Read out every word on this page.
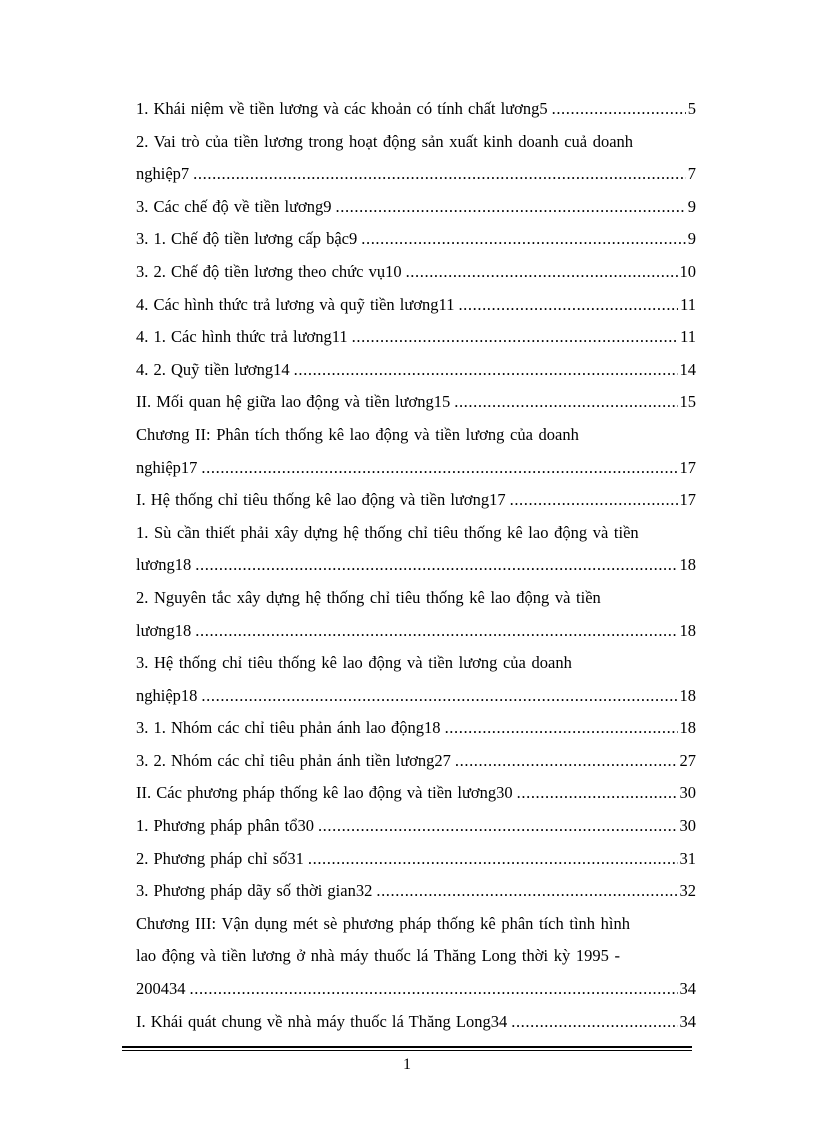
1. Khái niệm về tiền lương và các khoản có tính chất lương5 .....	5
2. Vai trò của tiền lương trong hoạt động sản xuất kinh doanh cuả doanh
nghiệp7 .....	7
3. Các chế độ về tiền lương9 .....	9
3. 1. Chế độ tiền lương cấp bậc9 .....	9
3. 2. Chế độ tiền lương theo chức vụ10 .....	10
4. Các hình thức trả lương và quỹ tiền lương11 .....	11
4. 1. Các hình thức trả lương11 .....	11
4. 2. Quỹ tiền lương14 .....	14
II. Mối quan hệ giữa lao động và tiền lương15 .....	15
Chương II: Phân tích thống kê lao động và tiền lương của doanh
nghiệp17 .....	17
I. Hệ thống chỉ tiêu thống kê lao động và tiền lương17 .....	17
1. Sù cần thiết phải xây dựng hệ thống chỉ tiêu thống kê lao động và tiền
lương18 .....	18
2. Nguyên tắc xây dựng hệ thống chỉ tiêu thống kê lao động và tiền
lương18 .....	18
3. Hệ thống chỉ tiêu thống kê lao động và tiền lương của doanh
nghiệp18 .....	18
3. 1. Nhóm các chỉ tiêu phản ánh lao động18 .....	18
3. 2. Nhóm các chỉ tiêu phản ánh tiền lương27 .....	27
II. Các phương pháp thống kê lao động và tiền lương30 .....	30
1. Phương pháp phân tổ30 .....	30
2. Phương pháp chỉ số31 .....	31
3. Phương pháp dãy số thời gian32 .....	32
Chương III: Vận dụng mét sè phương pháp thống kê phân tích tình hình
lao động và tiền lương ở nhà máy thuốc lá Thăng Long thời kỳ 1995 -
200434 .....	34
I. Khái quát chung về nhà máy thuốc lá Thăng Long34 .....	34
1
